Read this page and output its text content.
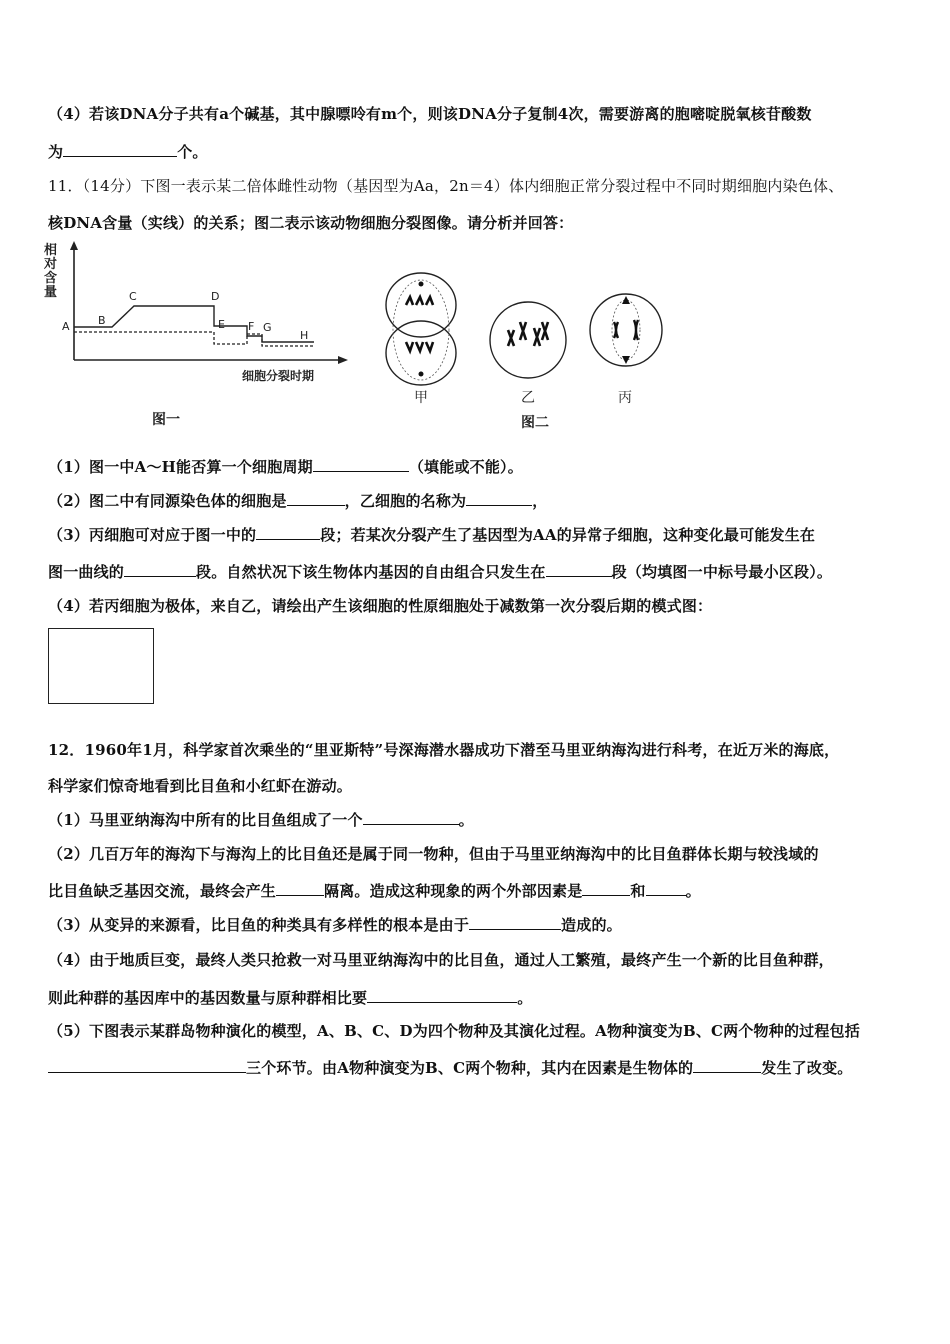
（4）若该DNA分子共有a个碱基，其中腺嘌呤有m个，则该DNA分子复制4次，需要游离的胞嘧啶脱氧核苷酸数
为	个。
11．（14分）下图一表示某二倍体雌性动物（基因型为Aa，2n＝4）体内细胞正常分裂过程中不同时期细胞内染色体、
核DNA含量（实线）的关系；图二表示该动物细胞分裂图像。请分析并回答：
相
对
含
量
A	B
C	D
E F G
H
细胞分裂时期
图一
甲	乙	丙
图二
（1）图一中A～H能否算一个细胞周期	（填能或不能）。
（2）图二中有同源染色体的细胞是	，乙细胞的名称为	，
（3）丙细胞可对应于图一中的	段；若某次分裂产生了基因型为AA的异常子细胞，这种变化最可能发生在
图一曲线的	段。自然状况下该生物体内基因的自由组合只发生在	段（均填图一中标号最小区段）。
（4）若丙细胞为极体，来自乙，请绘出产生该细胞的性原细胞处于减数第一次分裂后期的模式图：
12．1960年1月，科学家首次乘坐的“里亚斯特”号深海潜水器成功下潜至马里亚纳海沟进行科考，在近万米的海底，
科学家们惊奇地看到比目鱼和小红虾在游动。
（1）马里亚纳海沟中所有的比目鱼组成了一个	。
（2）几百万年的海沟下与海沟上的比目鱼还是属于同一物种，但由于马里亚纳海沟中的比目鱼群体长期与较浅域的
比目鱼缺乏基因交流，最终会产生	隔离。造成这种现象的两个外部因素是	和	。
（3）从变异的来源看，比目鱼的种类具有多样性的根本是由于	造成的。
（4）由于地质巨变，最终人类只抢救一对马里亚纳海沟中的比目鱼，通过人工繁殖，最终产生一个新的比目鱼种群，
则此种群的基因库中的基因数量与原种群相比要	。
（5）下图表示某群岛物种演化的模型，A、B、C、D为四个物种及其演化过程。A物种演变为B、C两个物种的过程包括
三个环节。由A物种演变为B、C两个物种，其内在因素是生物体的	发生了改变。
